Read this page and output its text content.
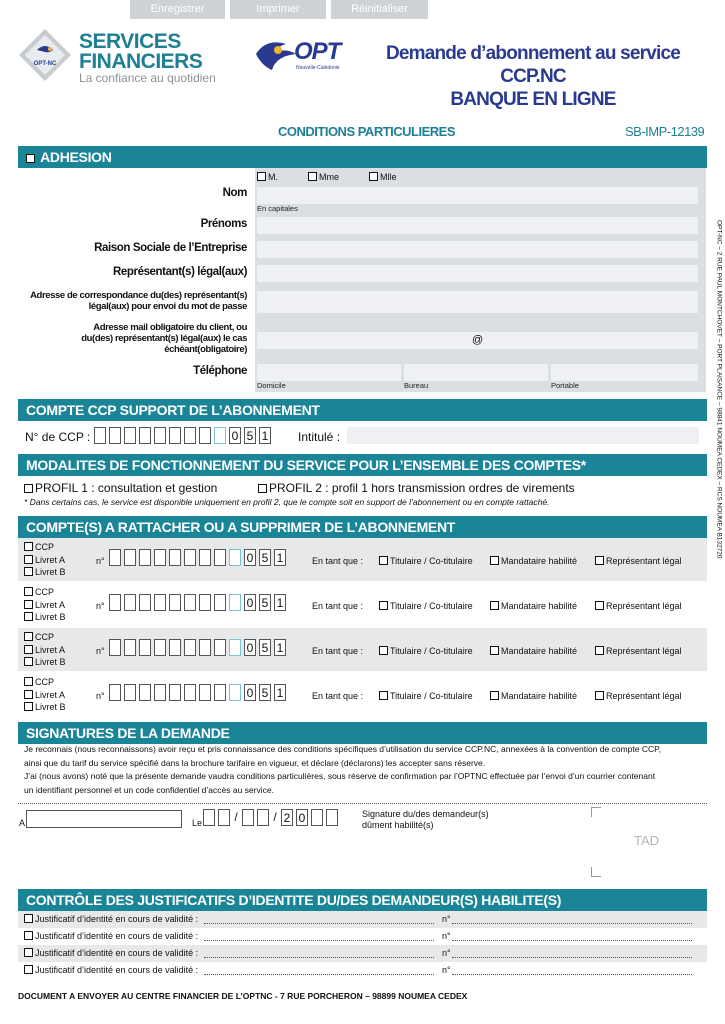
Enregistrer	Imprimer	Réinitialiser
OPT-NC
SERVICES
FINANCIERS
La confiance au quotidien
OPT
Nouvelle-Calédonie
Demande d’abonnement au service CCP.NC
BANQUE EN LIGNE
CONDITIONS PARTICULIERES	SB-IMP-12139
OPT-NC – 2 RUE PAUL MONTCHOVET – PORT PLAISANCE – 98841 NOUMEA CEDEX – RCS NOUMEA B132720
ADHESION
M.	Mme	Mlle
Nom
En capitales
Prénoms
Raison Sociale de l’Entreprise
Représentant(s) légal(aux)
Adresse de correspondance du(des) représentant(s)
légal(aux) pour envoi du mot de passe
Adresse mail obligatoire du client, ou
du(des) représentant(s) légal(aux) le cas
échéant(obligatoire)
@
Téléphone
Domicile	Bureau	Portable
COMPTE CCP SUPPORT DE L’ABONNEMENT
N° de CCP :	0 5 1 Intitulé :
MODALITES DE FONCTIONNEMENT DU SERVICE POUR L’ENSEMBLE DES COMPTES*
PROFIL 1 : consultation et gestion	PROFIL 2 : profil 1 hors transmission ordres de virements
* Dans certains cas, le service est disponible uniquement en profil 2, que le compte soit en support de l’abonnement ou en compte rattaché.
COMPTE(S) A RATTACHER OU A SUPPRIMER DE L’ABONNEMENT
CCP
Livret A
Livret B
n°	0 5 1	En tant que :	Titulaire / Co-titulaire	Mandataire habilité	Représentant légal
CCP
Livret A
Livret B
n°	0 5 1	En tant que :	Titulaire / Co-titulaire	Mandataire habilité	Représentant légal
CCP
Livret A
Livret B
n°	0 5 1	En tant que :	Titulaire / Co-titulaire	Mandataire habilité	Représentant légal
CCP
Livret A
Livret B
n°	0 5 1	En tant que :	Titulaire / Co-titulaire	Mandataire habilité	Représentant légal
SIGNATURES DE LA DEMANDE
Je reconnais (nous reconnaissons) avoir reçu et pris connaissance des conditions spécifiques d’utilisation du service CCP.NC, annexées à la convention de compte CCP,
ainsi que du tarif du service spécifié dans la brochure tarifaire en vigueur, et déclare (déclarons) les accepter sans réserve.
J’ai (nous avons) noté que la présente demande vaudra conditions particulières, sous réserve de confirmation par l’OPTNC effectuée par l’envoi d’un courrier contenant
un identifiant personnel et un code confidentiel d’accès au service.
A	Le	/	/ 2 0	Signature du/des demandeur(s)
dûment habilité(s)
TAD
CONTRÔLE DES JUSTIFICATIFS D’IDENTITE DU/DES DEMANDEUR(S) HABILITE(S)
Justificatif d’identité en cours de validité :	n°
Justificatif d’identité en cours de validité :	n°
Justificatif d’identité en cours de validité :	n°
Justificatif d’identité en cours de validité :	n°
DOCUMENT A ENVOYER AU CENTRE FINANCIER DE L’OPTNC - 7 RUE PORCHERON – 98899 NOUMEA CEDEX
